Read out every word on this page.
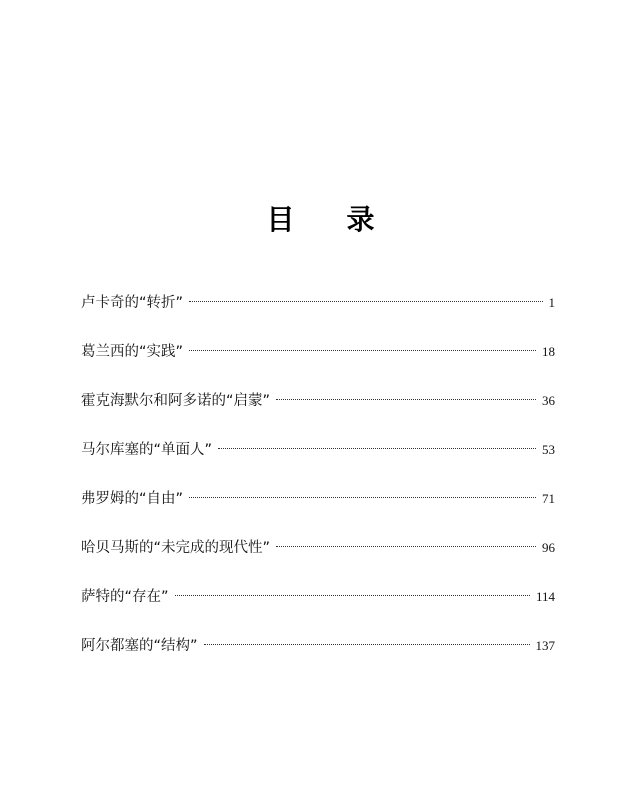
目 录
卢卡奇的“转折”	1
葛兰西的“实践”	18
霍克海默尔和阿多诺的“启蒙”	36
马尔库塞的“单面人”	53
弗罗姆的“自由”	71
哈贝马斯的“未完成的现代性”	96
萨特的“存在”	114
阿尔都塞的“结构”	137
